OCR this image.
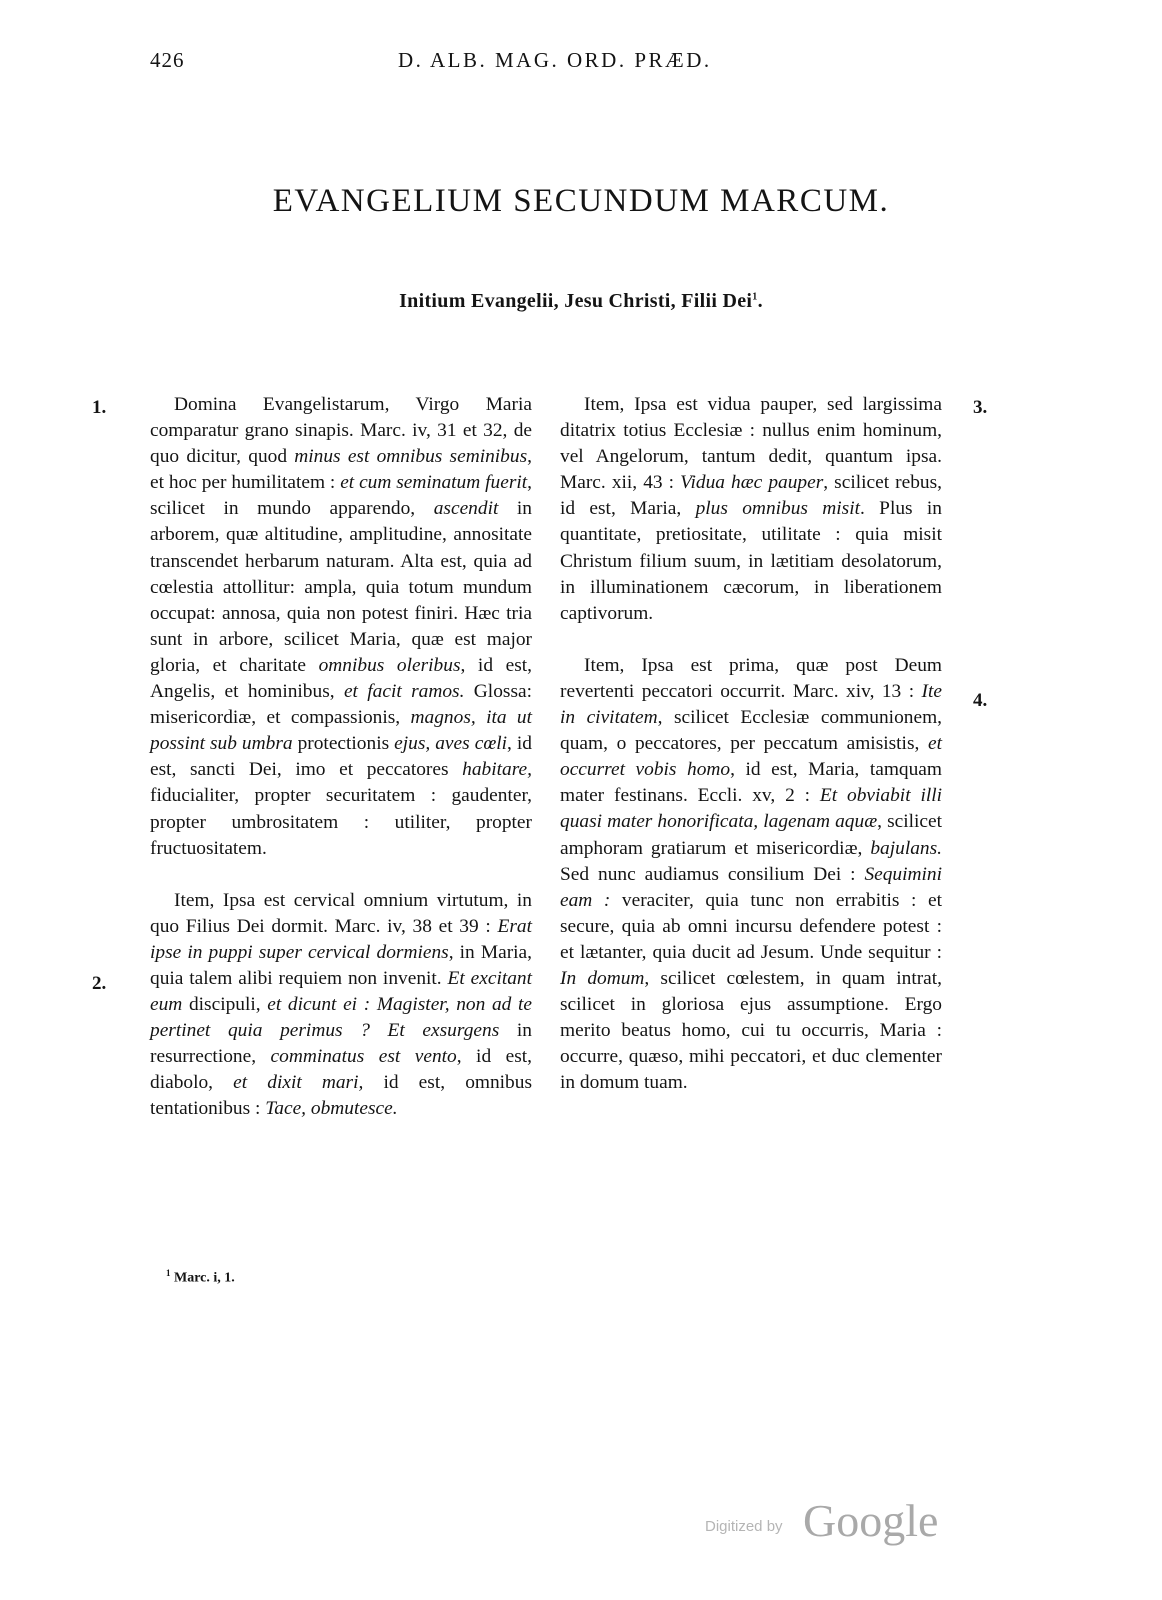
426	D. ALB. MAG. ORD. PRÆD.
EVANGELIUM SECUNDUM MARCUM.
Initium Evangelii, Jesu Christi, Filii Dei$^1$.
1.
2.
3.
4.

Domina Evangelistarum, Virgo Maria comparatur grano sinapis. Marc. iv, 31 et 32, de quo dicitur, quod minus est omnibus seminibus, et hoc per humilitatem : et cum seminatum fuerit, scilicet in mundo apparendo, ascendit in arborem, quæ altitudine, amplitudine, annositate transcendet herbarum naturam. Alta est, quia ad cœlestia attollitur: ampla, quia totum mundum occupat: annosa, quia non potest finiri. Hæc tria sunt in arbore, scilicet Maria, quæ est major gloria, et charitate omnibus oleribus, id est, Angelis, et hominibus, et facit ramos. Glossa: misericordiæ, et compassionis, magnos, ita ut possint sub umbra protectionis ejus, aves cœli, id est, sancti Dei, imo et peccatores habitare, fiducialiter, propter securitatem : gaudenter, propter umbrositatem : utiliter, propter fructuositatem.

Item, Ipsa est cervical omnium virtutum, in quo Filius Dei dormit. Marc. iv, 38 et 39 : Erat ipse in puppi super cervical dormiens, in Maria, quia talem alibi requiem non invenit. Et excitant eum discipuli, et dicunt ei : Magister, non ad te pertinet quia perimus ? Et exsurgens in resurrectione, comminatus est vento, id est, diabolo, et dixit mari, id est, omnibus tentationibus : Tace, obmutesce.

Item, Ipsa est vidua pauper, sed largissima ditatrix totius Ecclesiæ : nullus enim hominum, vel Angelorum, tantum dedit, quantum ipsa. Marc. xii, 43 : Vidua hæc pauper, scilicet rebus, id est, Maria, plus omnibus misit. Plus in quantitate, pretiositate, utilitate : quia misit Christum filium suum, in lætitiam desolatorum, in illuminationem cæcorum, in liberationem captivorum.

Item, Ipsa est prima, quæ post Deum revertenti peccatori occurrit. Marc. xiv, 13 : Ite in civitatem, scilicet Ecclesiæ communionem, quam, o peccatores, per peccatum amisistis, et occurret vobis homo, id est, Maria, tamquam mater festinans. Eccli. xv, 2 : Et obviabit illi quasi mater honorificata, lagenam aquæ, scilicet amphoram gratiarum et misericordiæ, bajulans. Sed nunc audiamus consilium Dei : Sequimini eam : veraciter, quia tunc non errabitis : et secure, quia ab omni incursu defendere potest : et lætanter, quia ducit ad Jesum. Unde sequitur : In domum, scilicet cœlestem, in quam intrat, scilicet in gloriosa ejus assumptione. Ergo merito beatus homo, cui tu occurris, Maria : occurre, quæso, mihi peccatori, et duc clementer in domum tuam.

$^1$ Marc. i, 1.
Digitized by Google
